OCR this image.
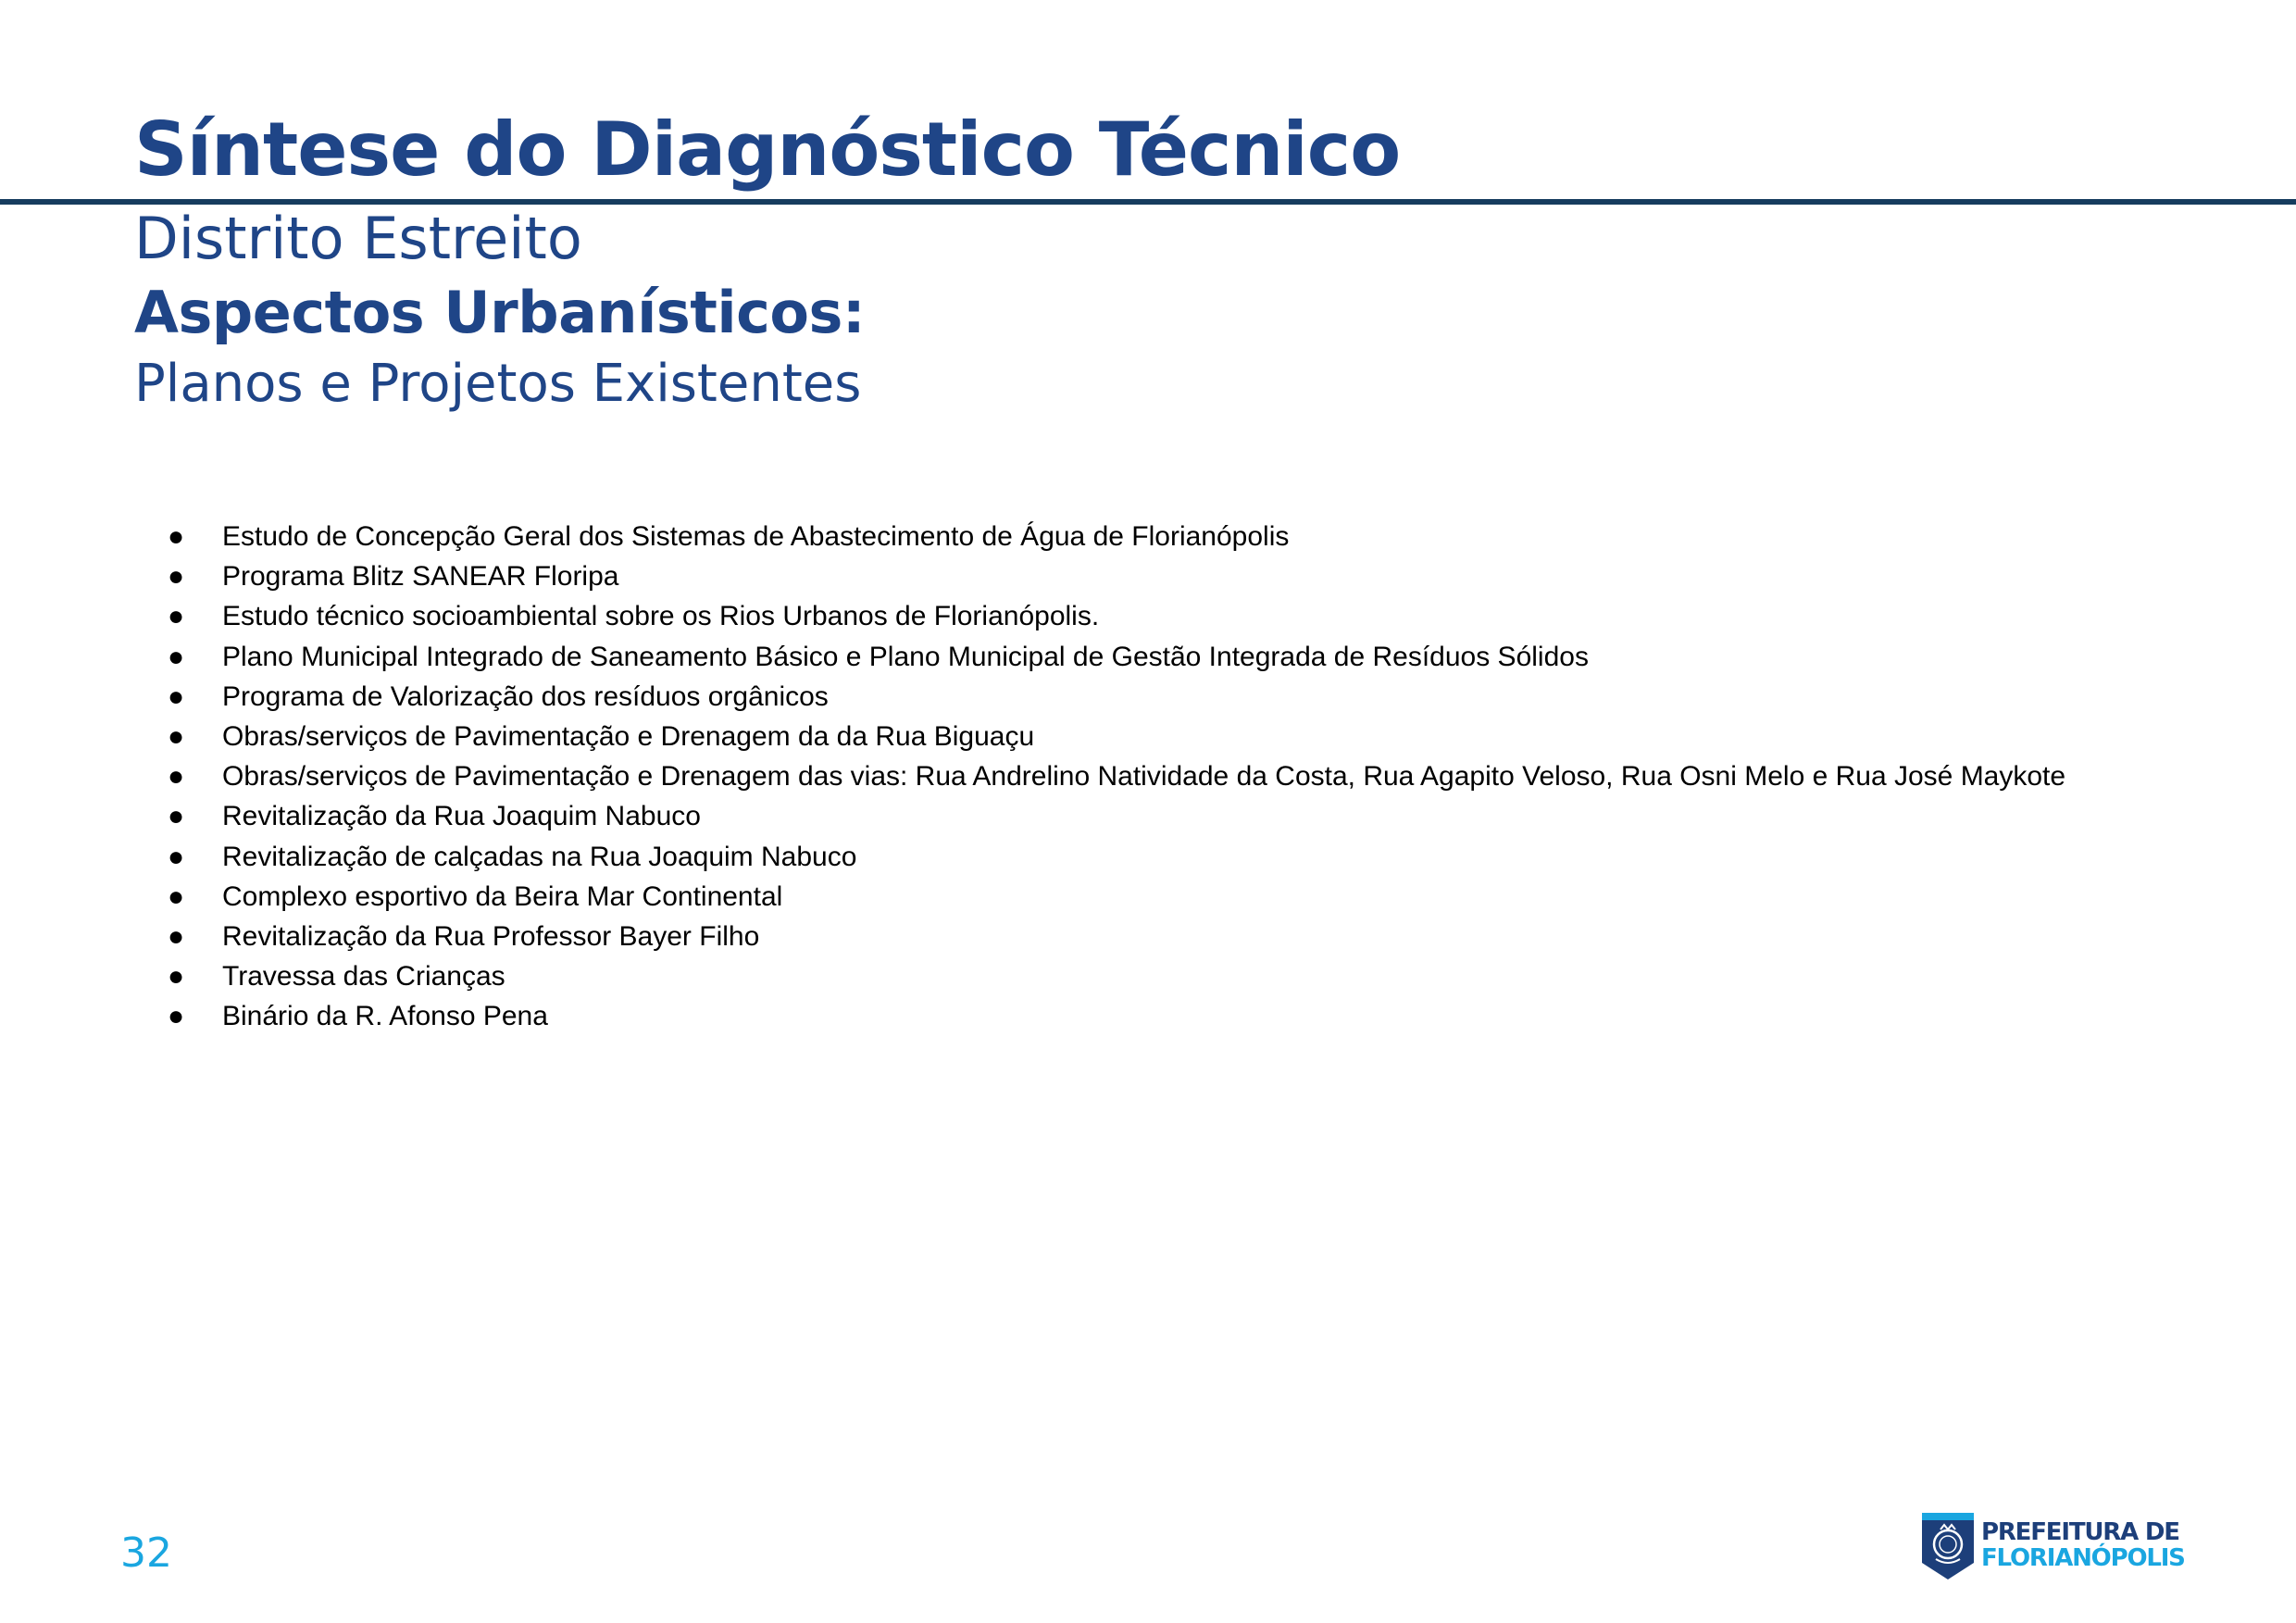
Síntese do Diagnóstico Técnico
Distrito Estreito
Aspectos Urbanísticos:
Planos e Projetos Existentes
● Estudo de Concepção Geral dos Sistemas de Abastecimento de Água de Florianópolis
● Programa Blitz SANEAR Floripa
● Estudo técnico socioambiental sobre os Rios Urbanos de Florianópolis.
● Plano Municipal Integrado de Saneamento Básico e Plano Municipal de Gestão Integrada de Resíduos Sólidos
● Programa de Valorização dos resíduos orgânicos
● Obras/serviços de Pavimentação e Drenagem da da Rua Biguaçu
● Obras/serviços de Pavimentação e Drenagem das vias: Rua Andrelino Natividade da Costa, Rua Agapito Veloso, Rua Osni Melo e Rua José Maykote
● Revitalização da Rua Joaquim Nabuco
● Revitalização de calçadas na Rua Joaquim Nabuco
● Complexo esportivo da Beira Mar Continental
● Revitalização da Rua Professor Bayer Filho
● Travessa das Crianças
● Binário da R. Afonso Pena
32	PREFEITURA DE
FLORIANÓPOLIS
